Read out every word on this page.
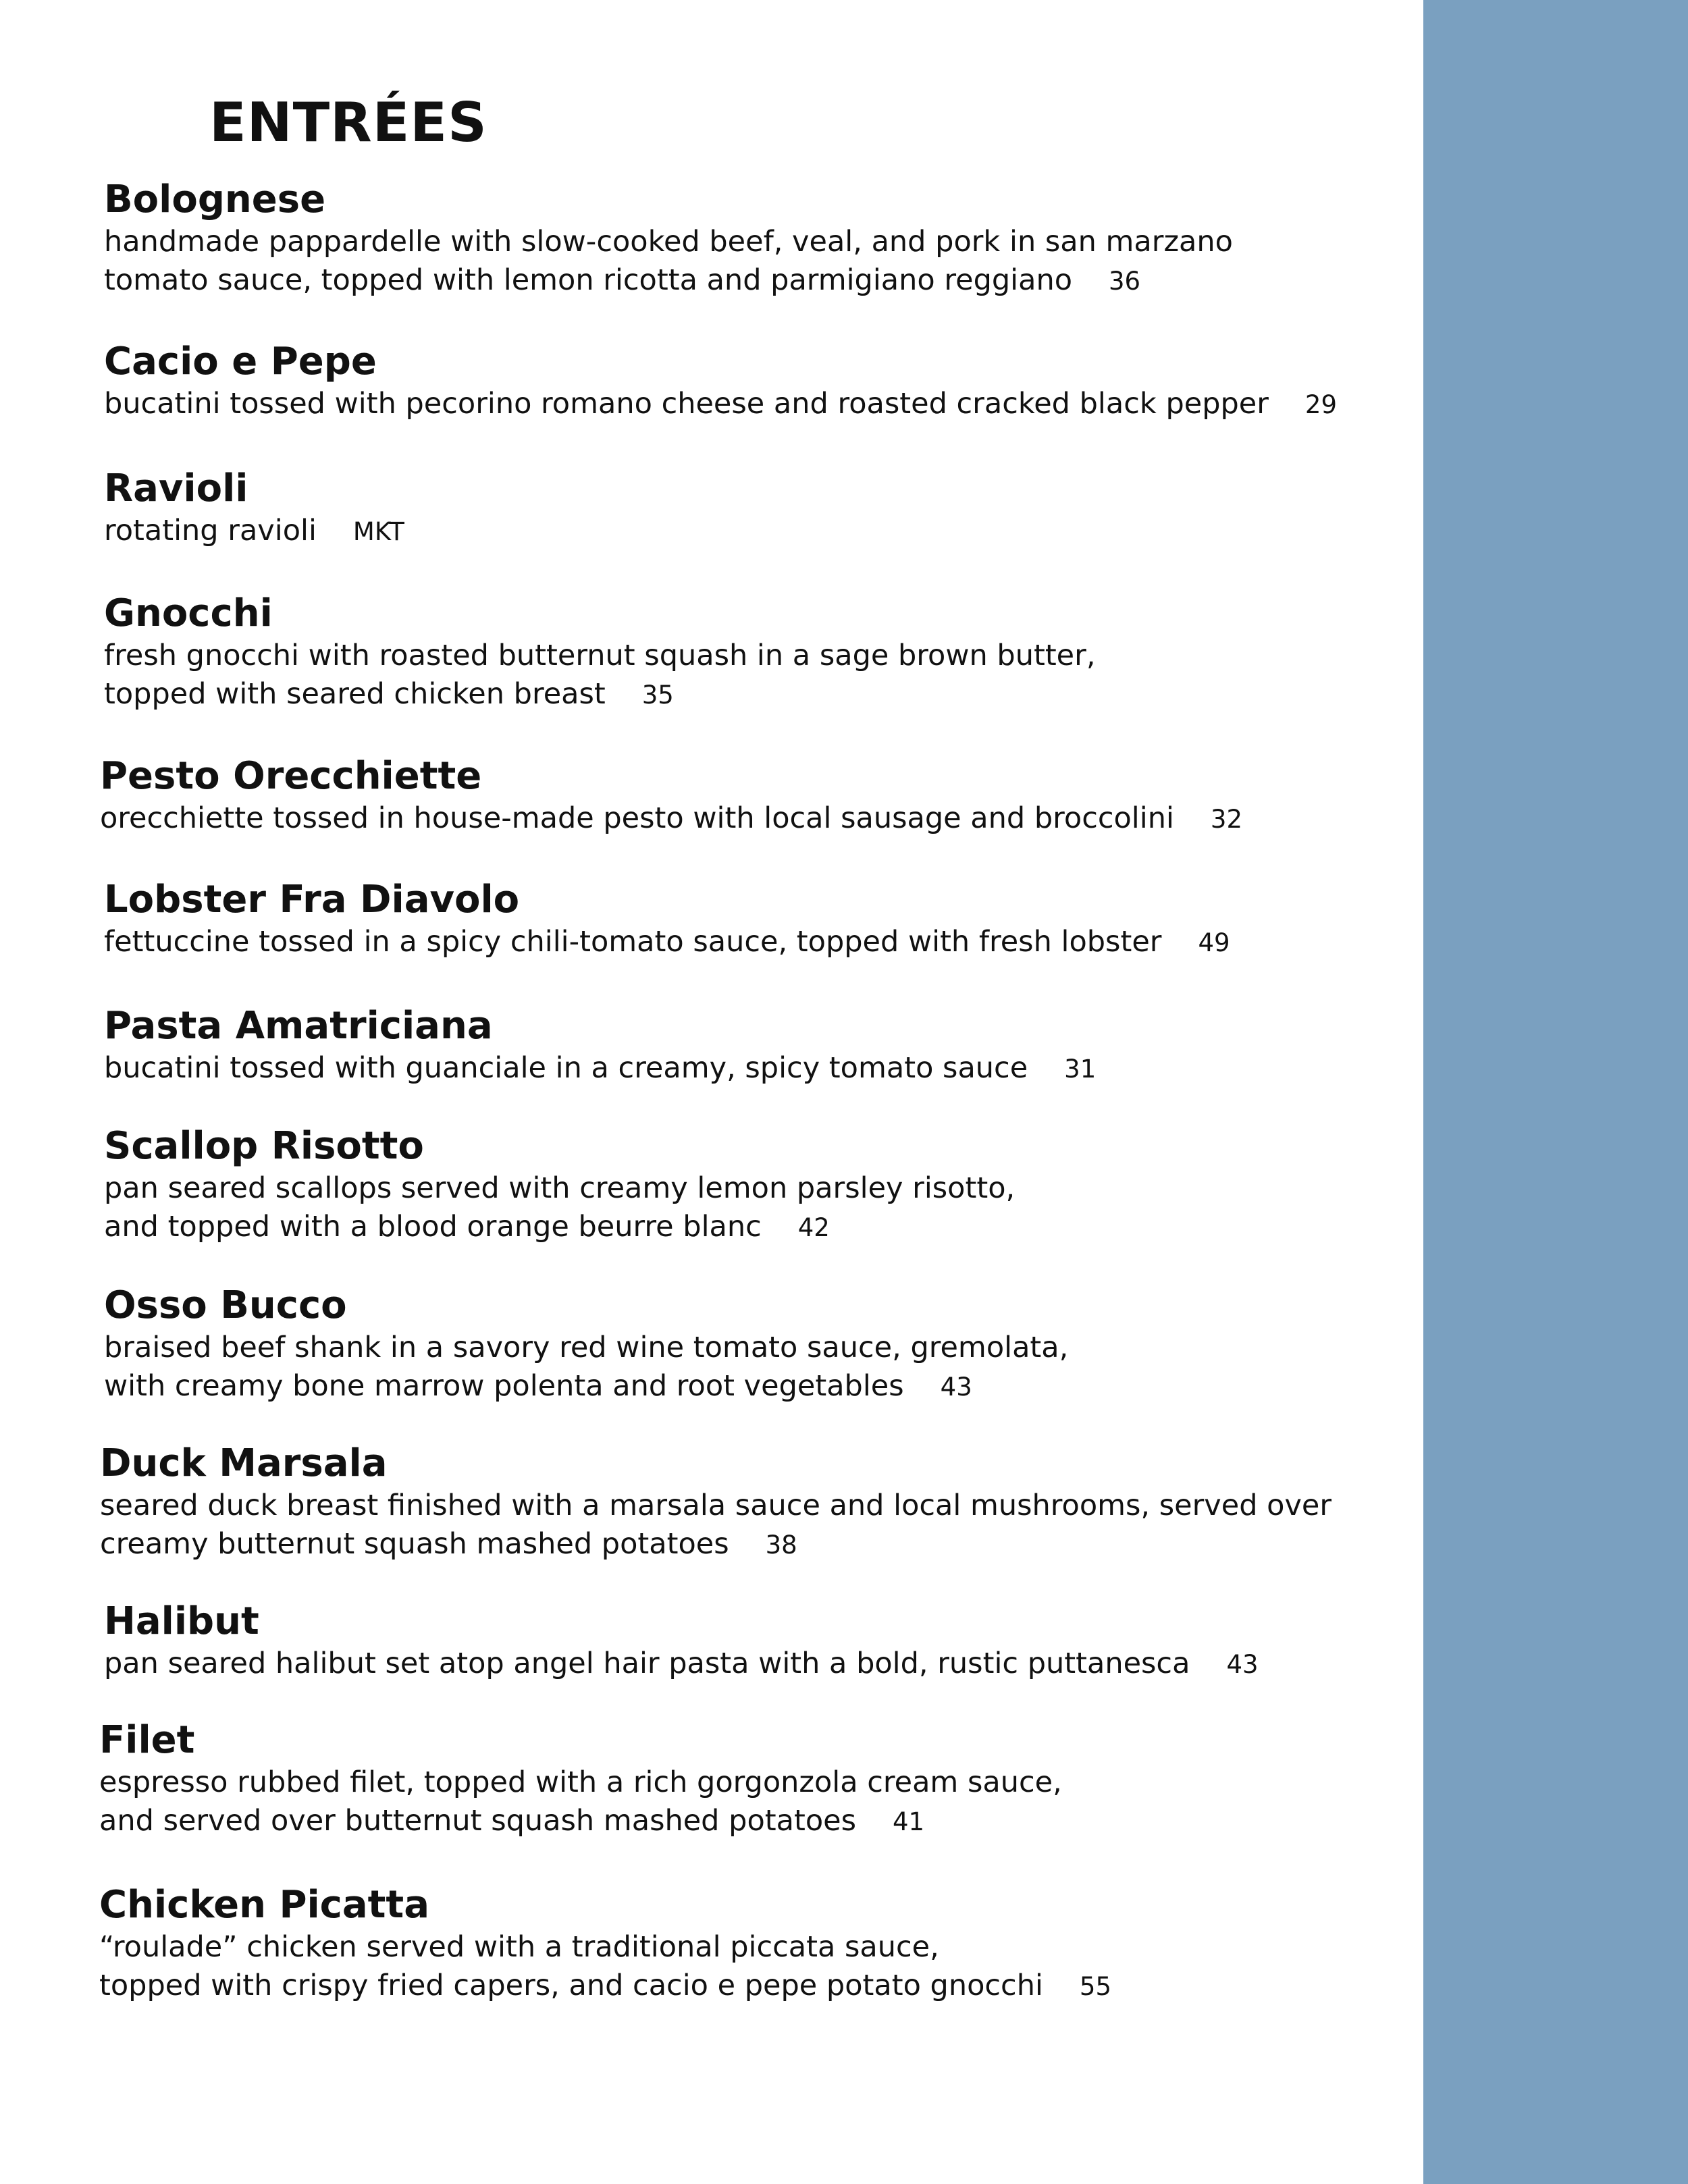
ENTRÉES
Bolognese
handmade pappardelle with slow-cooked beef, veal, and pork in san marzano
tomato sauce, topped with lemon ricotta and parmigiano reggiano 36
Cacio e Pepe
bucatini tossed with pecorino romano cheese and roasted cracked black pepper 29
Ravioli
rotating ravioli MKT
Gnocchi
fresh gnocchi with roasted butternut squash in a sage brown butter,
topped with seared chicken breast 35
Pesto Orecchiette
orecchiette tossed in house-made pesto with local sausage and broccolini 32
Lobster Fra Diavolo
fettuccine tossed in a spicy chili-tomato sauce, topped with fresh lobster 49
Pasta Amatriciana
bucatini tossed with guanciale in a creamy, spicy tomato sauce 31
Scallop Risotto
pan seared scallops served with creamy lemon parsley risotto,
and topped with a blood orange beurre blanc 42
Osso Bucco
braised beef shank in a savory red wine tomato sauce, gremolata,
with creamy bone marrow polenta and root vegetables 43
Duck Marsala
seared duck breast finished with a marsala sauce and local mushrooms, served over
creamy butternut squash mashed potatoes 38
Halibut
pan seared halibut set atop angel hair pasta with a bold, rustic puttanesca 43
Filet
espresso rubbed filet, topped with a rich gorgonzola cream sauce,
and served over butternut squash mashed potatoes 41
Chicken Picatta
“roulade” chicken served with a traditional piccata sauce,
topped with crispy fried capers, and cacio e pepe potato gnocchi 55
